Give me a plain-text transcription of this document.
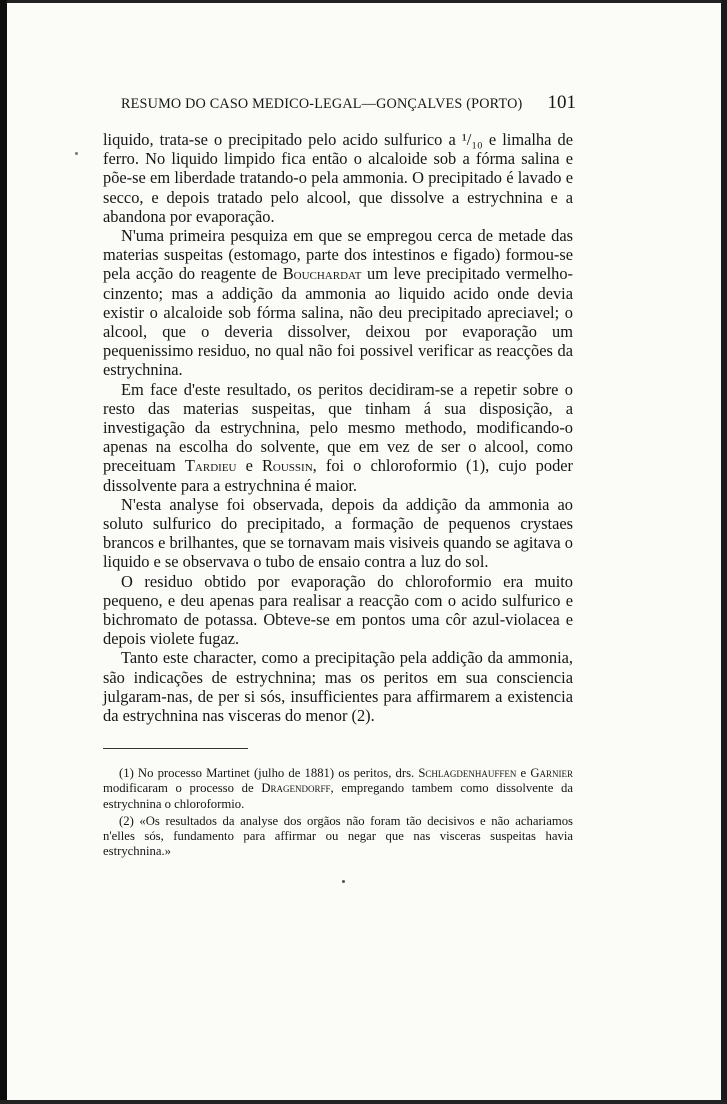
RESUMO DO CASO MEDICO-LEGAL—GONÇALVES (PORTO) 101

liquido, trata-se o precipitado pelo acido sulfurico a ¹/₁₀ e limalha de ferro. No liquido limpido fica então o alcaloide sob a fórma salina e põe-se em liberdade tratando-o pela ammonia. O precipitado é lavado e secco, e depois tratado pelo alcool, que dissolve a estrychnina e a abandona por evaporação.

N'uma primeira pesquiza em que se empregou cerca de metade das materias suspeitas (estomago, parte dos intestinos e figado) formou-se pela acção do reagente de Bouchardat um leve precipitado vermelho-cinzento; mas a addição da ammonia ao liquido acido onde devia existir o alcaloide sob fórma salina, não deu precipitado apreciavel; o alcool, que o deveria dissolver, deixou por evaporação um pequenissimo residuo, no qual não foi possivel verificar as reacções da estrychnina.

Em face d'este resultado, os peritos decidiram-se a repetir sobre o resto das materias suspeitas, que tinham á sua disposição, a investigação da estrychnina, pelo mesmo methodo, modificando-o apenas na escolha do solvente, que em vez de ser o alcool, como preceituam Tardieu e Roussin, foi o chloroformio (1), cujo poder dissolvente para a estrychnina é maior.

N'esta analyse foi observada, depois da addição da ammonia ao soluto sulfurico do precipitado, a formação de pequenos crystaes brancos e brilhantes, que se tornavam mais visiveis quando se agitava o liquido e se observava o tubo de ensaio contra a luz do sol.

O residuo obtido por evaporação do chloroformio era muito pequeno, e deu apenas para realisar a reacção com o acido sulfurico e bichromato de potassa. Obteve-se em pontos uma côr azul-violacea e depois violete fugaz.

Tanto este character, como a precipitação pela addição da ammonia, são indicações de estrychnina; mas os peritos em sua consciencia julgaram-nas, de per si sós, insufficientes para affirmarem a existencia da estrychnina nas visceras do menor (2).

(1) No processo Martinet (julho de 1881) os peritos, drs. Schlagdenhauffen e Garnier modificaram o processo de Dragendorff, empregando tambem como dissolvente da estrychnina o chloroformio.

(2) «Os resultados da analyse dos orgãos não foram tão decisivos e não achariamos n'elles sós, fundamento para affirmar ou negar que nas visceras suspeitas havia estrychnina.»
